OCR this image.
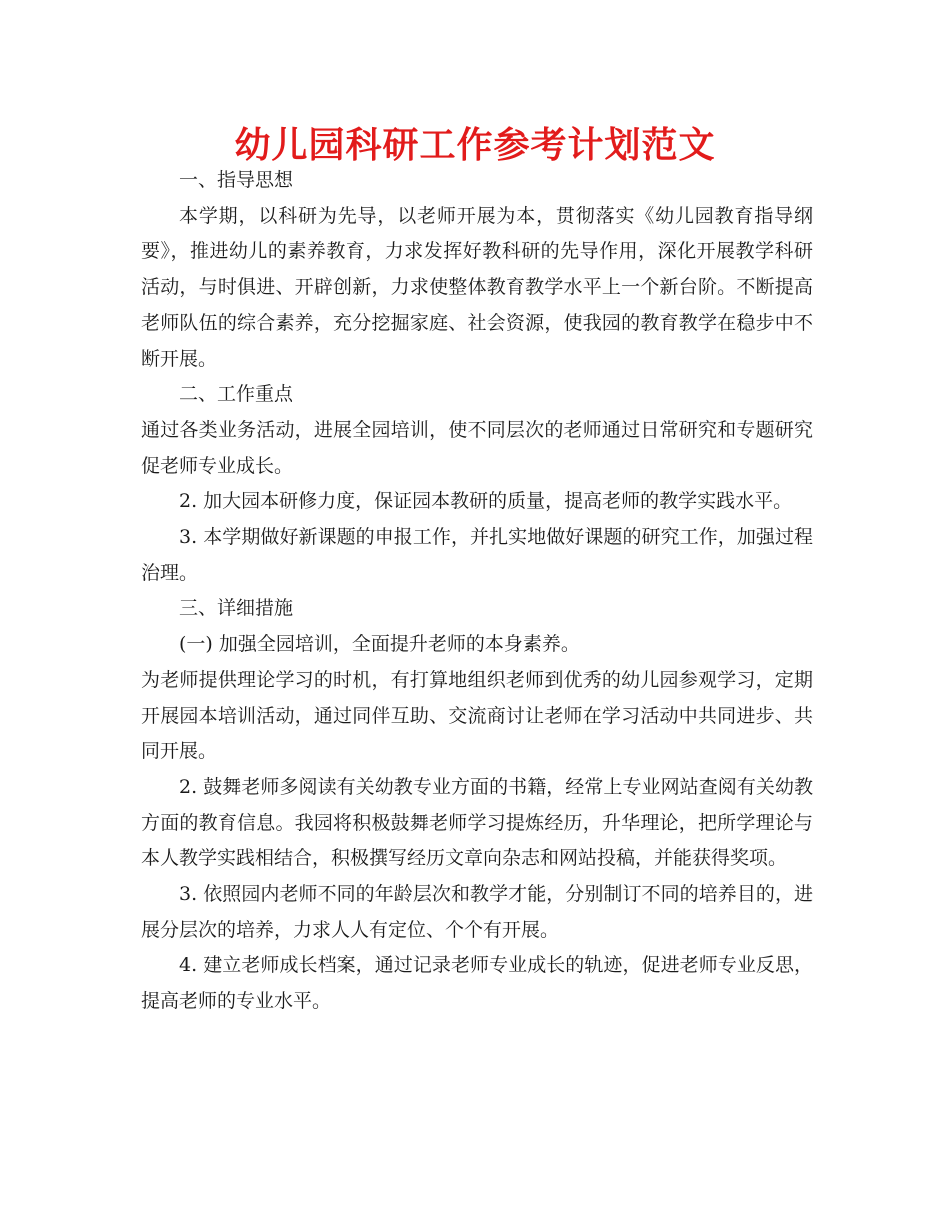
幼儿园科研工作参考计划范文

一、指导思想

本学期，以科研为先导，以老师开展为本，贯彻落实《幼儿园教育指导纲要》，推进幼儿的素养教育，力求发挥好教科研的先导作用，深化开展教学科研活动，与时俱进、开辟创新，力求使整体教育教学水平上一个新台阶。不断提高老师队伍的综合素养，充分挖掘家庭、社会资源，使我园的教育教学在稳步中不断开展。

二、工作重点

通过各类业务活动，进展全园培训，使不同层次的老师通过日常研究和专题研究促老师专业成长。

2. 加大园本研修力度，保证园本教研的质量，提高老师的教学实践水平。

3. 本学期做好新课题的申报工作，并扎实地做好课题的研究工作，加强过程治理。

三、详细措施

(一) 加强全园培训，全面提升老师的本身素养。

为老师提供理论学习的时机，有打算地组织老师到优秀的幼儿园参观学习，定期开展园本培训活动，通过同伴互助、交流商讨让老师在学习活动中共同进步、共同开展。

2. 鼓舞老师多阅读有关幼教专业方面的书籍，经常上专业网站查阅有关幼教方面的教育信息。我园将积极鼓舞老师学习提炼经历，升华理论，把所学理论与本人教学实践相结合，积极撰写经历文章向杂志和网站投稿，并能获得奖项。

3. 依照园内老师不同的年龄层次和教学才能，分别制订不同的培养目的，进展分层次的培养，力求人人有定位、个个有开展。

4. 建立老师成长档案，通过记录老师专业成长的轨迹，促进老师专业反思，提高老师的专业水平。
